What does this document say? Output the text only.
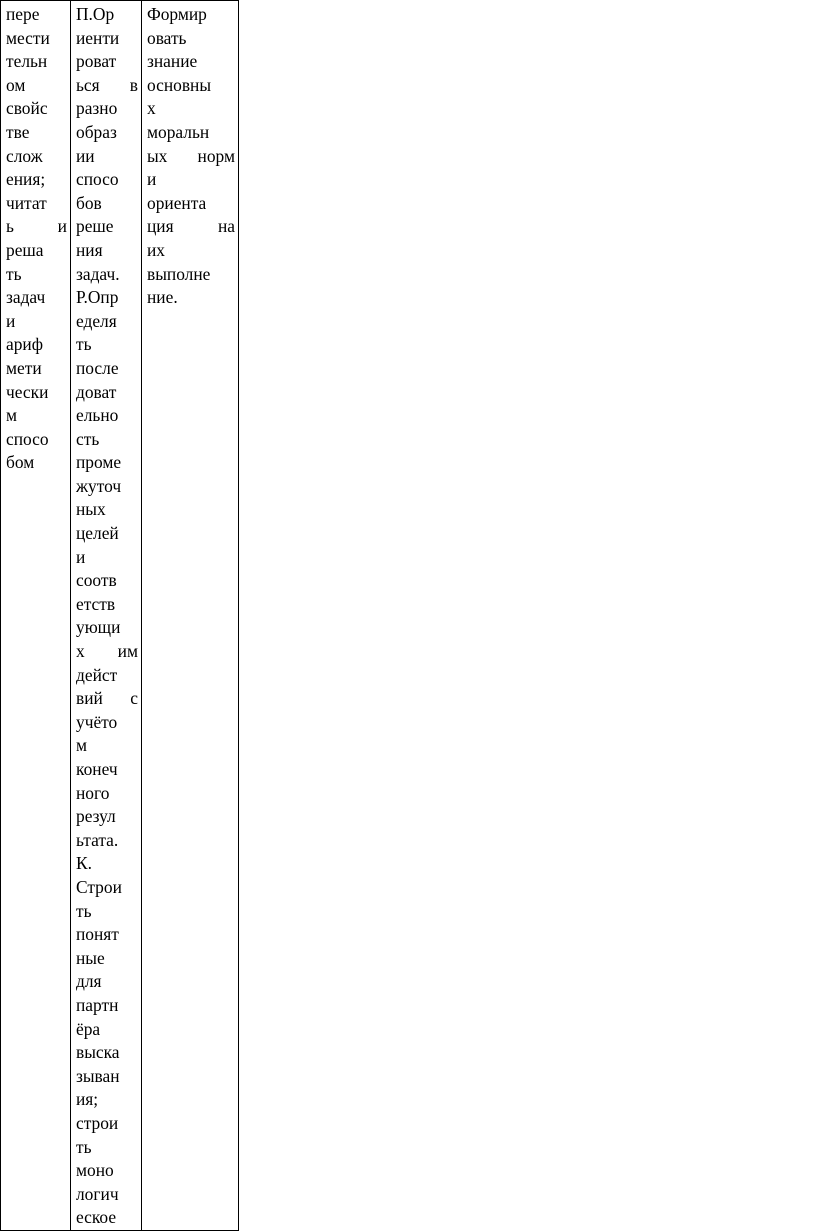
пере
мести
тельн
ом
свойс
тве
слож
ения;
читат
ь и
реша
ть
задач
и
ариф
мети
чески
м
спосо
бом

П.Ор
иенти
роват
ься в
разно
образ
ии
спосо
бов
реше
ния
задач.
Р.Опр
еделя
ть
после
доват
ельно
сть
проме
жуточ
ных
целей
и
соотв
етств
ующи
х им
дейст
вий с
учёто
м
конеч
ного
резул
ьтата.
К.
Строи
ть
понят
ные
для
партн
ёра
выска
зыван
ия;
строи
ть
моно
логич
еское

Формир
овать
знание
основны
х
моральн
ых норм
и
ориента
ция на
их
выполне
ние.
